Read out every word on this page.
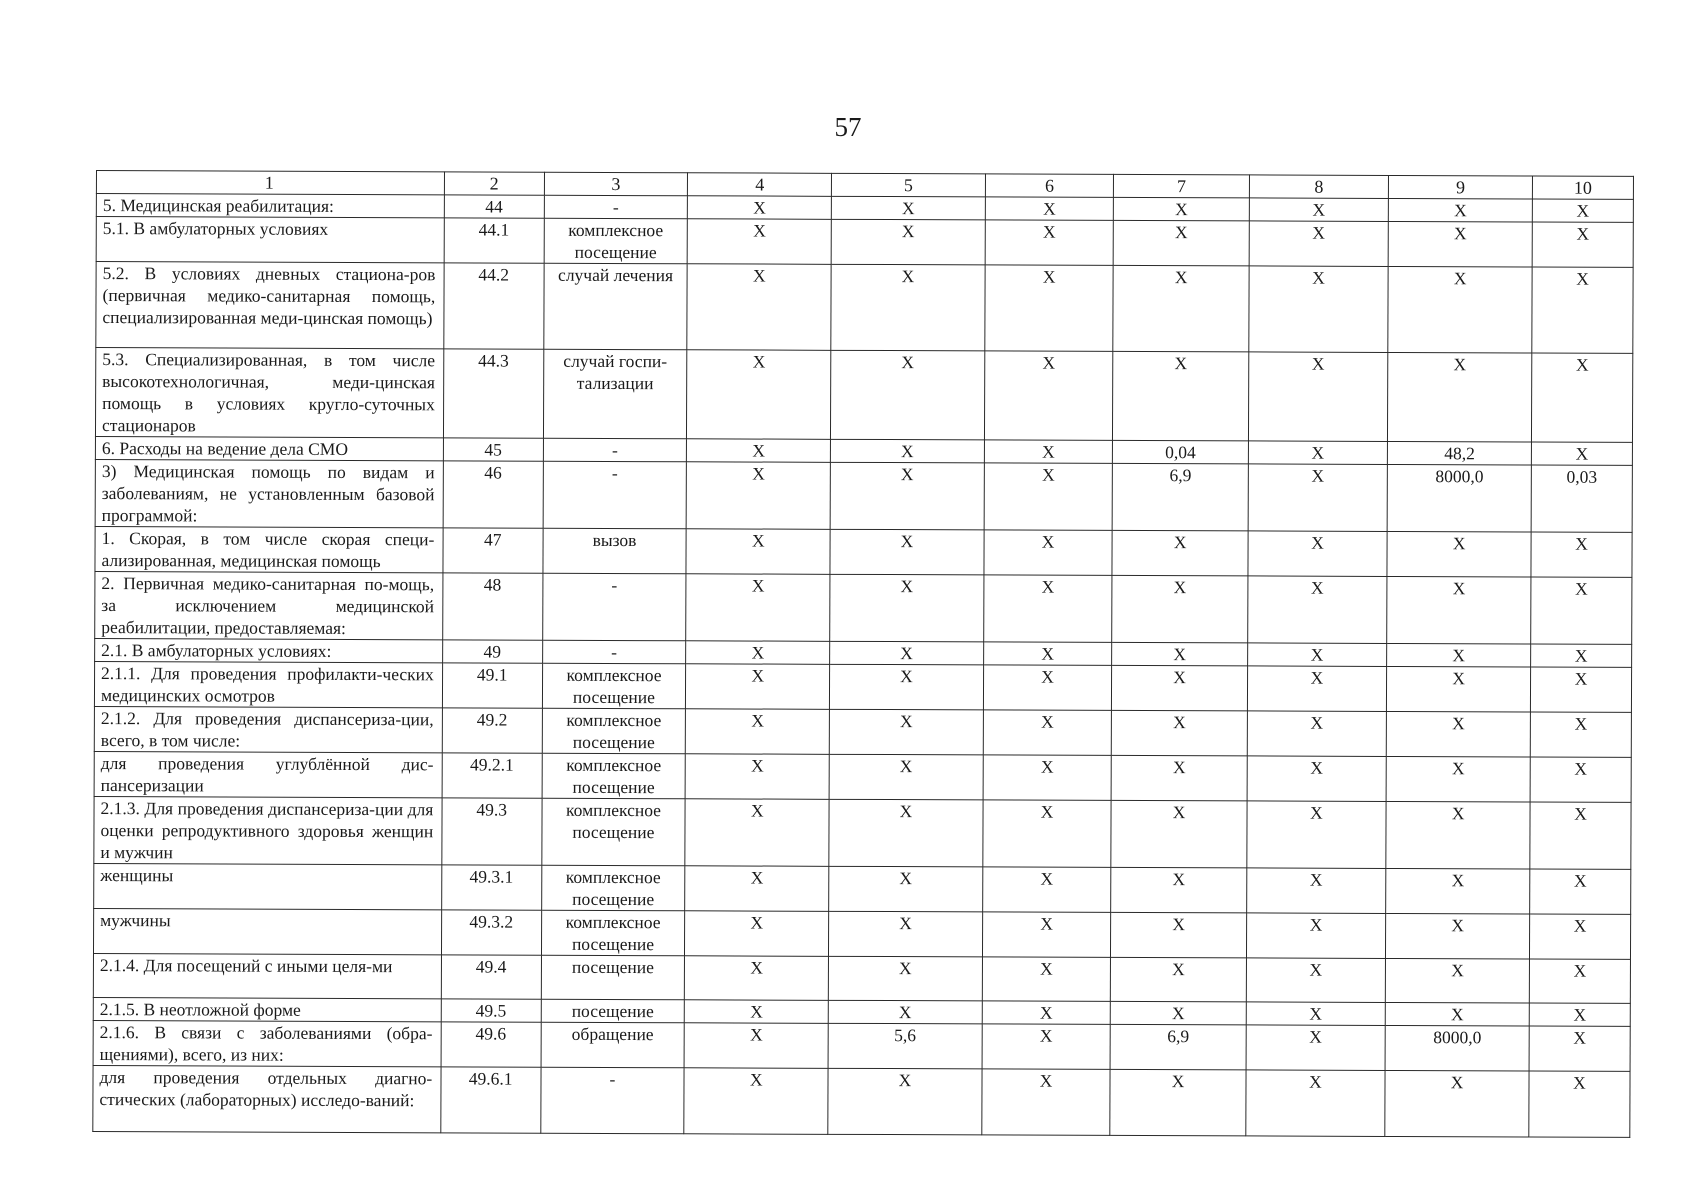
57
1	2	3	4	5	6	7	8	9	10
5. Медицинская реабилитация:	44	-	Х	Х	Х	Х	Х	Х	Х
5.1. В амбулаторных условиях	44.1	комплексное посещение	Х	Х	Х	Х	Х	Х	Х
5.2. В условиях дневных стациона-ров (первичная медико-санитарная помощь, специализированная меди-цинская помощь)	44.2	случай лечения	Х	Х	Х	Х	Х	Х	Х
5.3. Специализированная, в том числе высокотехнологичная, меди-цинская помощь в условиях кругло-суточных стационаров	44.3	случай госпи-тализации	Х	Х	Х	Х	Х	Х	Х
6. Расходы на ведение дела СМО	45	-	Х	Х	Х	0,04	Х	48,2	Х
3) Медицинская помощь по видам и заболеваниям, не установленным базовой программой:	46	-	Х	Х	Х	6,9	Х	8000,0	0,03
1. Скорая, в том числе скорая специ-ализированная, медицинская помощь	47	вызов	Х	Х	Х	Х	Х	Х	Х
2. Первичная медико-санитарная по-мощь, за исключением медицинской реабилитации, предоставляемая:	48	-	Х	Х	Х	Х	Х	Х	Х
2.1. В амбулаторных условиях:	49	-	Х	Х	Х	Х	Х	Х	Х
2.1.1. Для проведения профилакти-ческих медицинских осмотров	49.1	комплексное посещение	Х	Х	Х	Х	Х	Х	Х
2.1.2. Для проведения диспансериза-ции, всего, в том числе:	49.2	комплексное посещение	Х	Х	Х	Х	Х	Х	Х
для проведения углублённой дис-пансеризации	49.2.1	комплексное посещение	Х	Х	Х	Х	Х	Х	Х
2.1.3. Для проведения диспансериза-ции для оценки репродуктивного здоровья женщин и мужчин	49.3	комплексное посещение	Х	Х	Х	Х	Х	Х	Х
женщины	49.3.1	комплексное посещение	Х	Х	Х	Х	Х	Х	Х
мужчины	49.3.2	комплексное посещение	Х	Х	Х	Х	Х	Х	Х
2.1.4. Для посещений с иными целя-ми	49.4	посещение	Х	Х	Х	Х	Х	Х	Х
2.1.5. В неотложной форме	49.5	посещение	Х	Х	Х	Х	Х	Х	Х
2.1.6. В связи с заболеваниями (обра-щениями), всего, из них:	49.6	обращение	Х	5,6	Х	6,9	Х	8000,0	Х
для проведения отдельных диагно-стических (лабораторных) исследо-ваний:	49.6.1	-	Х	Х	Х	Х	Х	Х	Х
